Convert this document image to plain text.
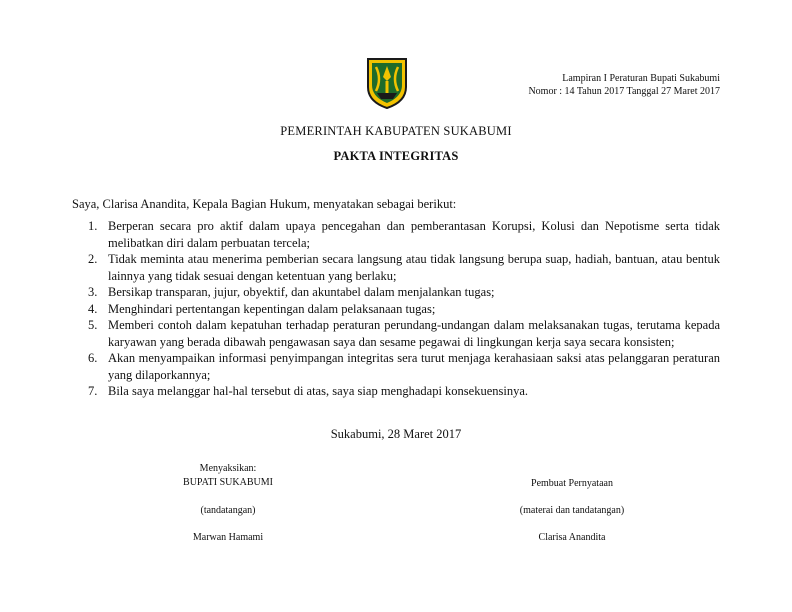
Lampiran I Peraturan Bupati Sukabumi
Nomor : 14 Tahun 2017 Tanggal 27 Maret 2017
PEMERINTAH KABUPATEN SUKABUMI
PAKTA INTEGRITAS
Saya, Clarisa Anandita, Kepala Bagian Hukum, menyatakan sebagai berikut:
1. Berperan secara pro aktif dalam upaya pencegahan dan pemberantasan Korupsi, Kolusi dan Nepotisme serta tidak melibatkan diri dalam perbuatan tercela;
2. Tidak meminta atau menerima pemberian secara langsung atau tidak langsung berupa suap, hadiah, bantuan, atau bentuk lainnya yang tidak sesuai dengan ketentuan yang berlaku;
3. Bersikap transparan, jujur, obyektif, dan akuntabel dalam menjalankan tugas;
4. Menghindari pertentangan kepentingan dalam pelaksanaan tugas;
5. Memberi contoh dalam kepatuhan terhadap peraturan perundang-undangan dalam melaksanakan tugas, terutama kepada karyawan yang berada dibawah pengawasan saya dan sesame pegawai di lingkungan kerja saya secara konsisten;
6. Akan menyampaikan informasi penyimpangan integritas sera turut menjaga kerahasiaan saksi atas pelanggaran peraturan yang dilaporkannya;
7. Bila saya melanggar hal-hal tersebut di atas, saya siap menghadapi konsekuensinya.
Sukabumi, 28 Maret 2017
Menyaksikan:
BUPATI SUKABUMI
(tandatangan)
Marwan Hamami
Pembuat Pernyataan
(materai dan tandatangan)
Clarisa Anandita
